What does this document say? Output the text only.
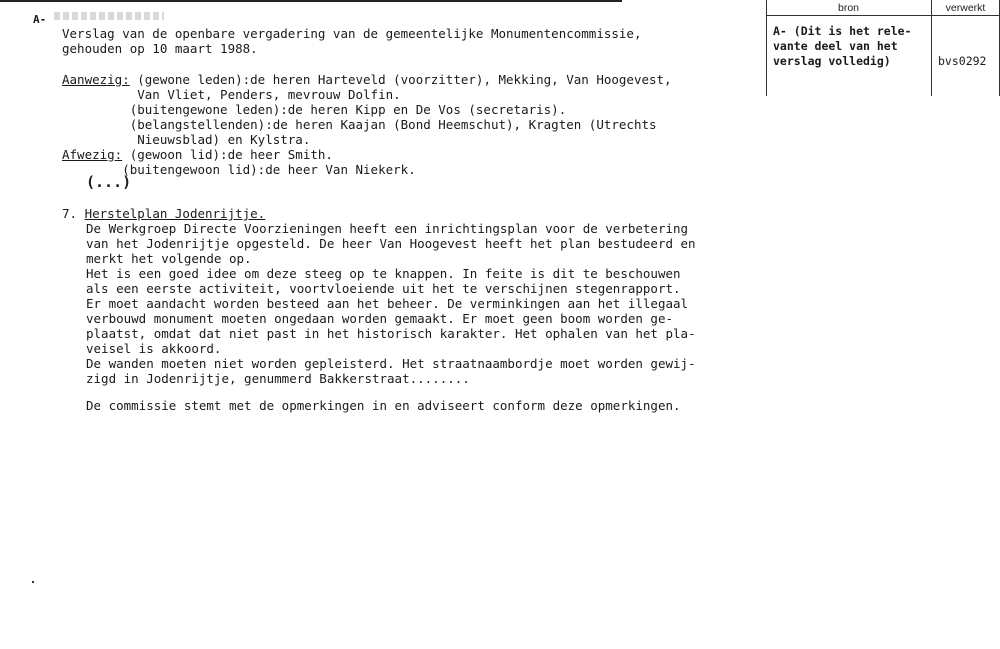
bron	verwerkt
A- (Dit is het rele-
vante deel van het
verslag volledig)	bvs0292
A-
Verslag van de openbare vergadering van de gemeentelijke Monumentencommissie,
gehouden op 10 maart 1988.
Aanwezig: (gewone leden):de heren Harteveld (voorzitter), Mekking, Van Hoogevest,
Van Vliet, Penders, mevrouw Dolfin.
(buitengewone leden):de heren Kipp en De Vos (secretaris).
(belangstellenden):de heren Kaajan (Bond Heemschut), Kragten (Utrechts
Nieuwsblad) en Kylstra.
Afwezig: (gewoon lid):de heer Smith.
(buitengewoon lid):de heer Van Niekerk.
(...)
7. Herstelplan Jodenrijtje.
De Werkgroep Directe Voorzieningen heeft een inrichtingsplan voor de verbetering
van het Jodenrijtje opgesteld. De heer Van Hoogevest heeft het plan bestudeerd en
merkt het volgende op.
Het is een goed idee om deze steeg op te knappen. In feite is dit te beschouwen
als een eerste activiteit, voortvloeiende uit het te verschijnen stegenrapport.
Er moet aandacht worden besteed aan het beheer. De verminkingen aan het illegaal
verbouwd monument moeten ongedaan worden gemaakt. Er moet geen boom worden ge-
plaatst, omdat dat niet past in het historisch karakter. Het ophalen van het pla-
veisel is akkoord.
De wanden moeten niet worden gepleisterd. Het straatnaambordje moet worden gewij-
zigd in Jodenrijtje, genummerd Bakkerstraat........
De commissie stemt met de opmerkingen in en adviseert conform deze opmerkingen.
